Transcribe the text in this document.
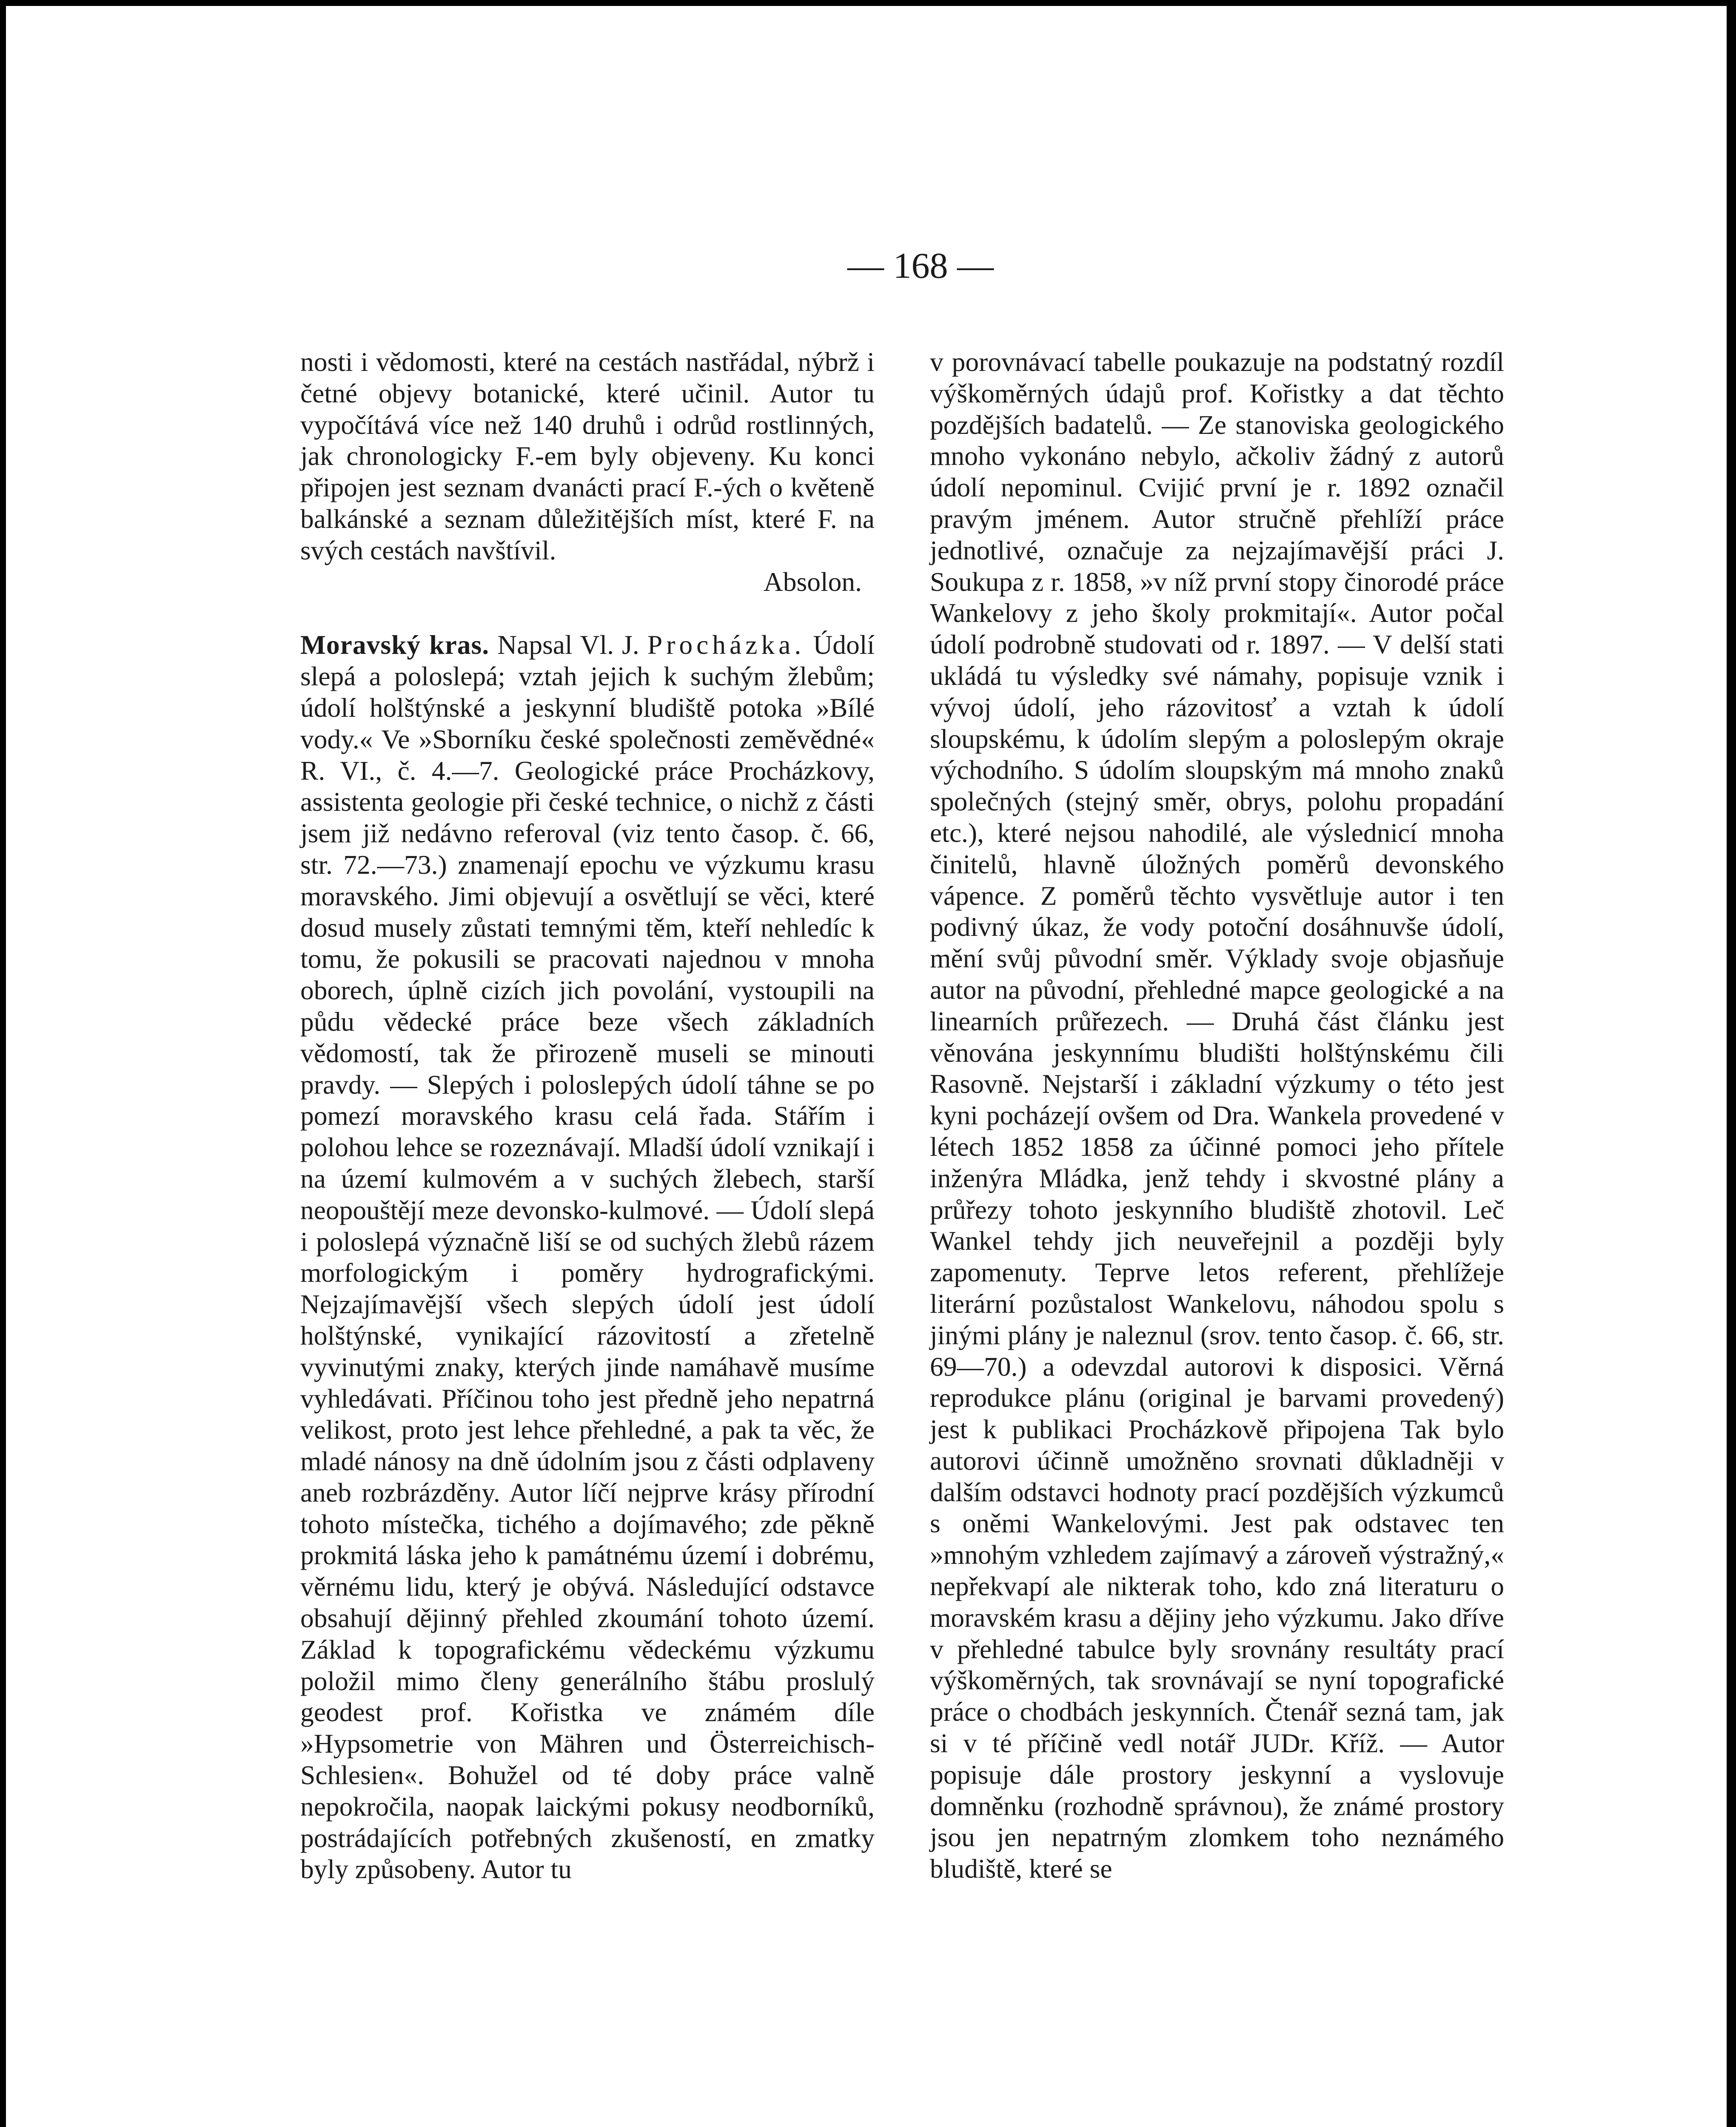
— 168 —

nosti i vědomosti, které na cestách nastřádal, nýbrž i četné objevy botanické, které učinil. Autor tu vypočítává více než 140 druhů i odrůd rostlinných, jak chronologicky F.-em byly objeveny. Ku konci připojen jest seznam dvanácti prací F.-ých o květeně balkánské a seznam důležitějších míst, které F. na svých cestách navštívil.

Absolon.

Moravský kras. Napsal Vl. J. Procházka. Údolí slepá a poloslepá; vztah jejich k suchým žlebům; údolí holštýnské a jeskynní bludiště potoka »Bílé vody.« Ve »Sborníku české společnosti zeměvědné« R. VI., č. 4.—7. Geologické práce Procházkovy, assistenta geologie při české technice, o nichž z části jsem již nedávno referoval (viz tento časop. č. 66, str. 72.—73.) znamenají epochu ve výzkumu krasu moravského. Jimi objevují a osvětlují se věci, které dosud musely zůstati temnými těm, kteří nehledíc k tomu, že pokusili se pracovati najednou v mnoha oborech, úplně cizích jich povolání, vystoupili na půdu vědecké práce beze všech základních vědomostí, tak že přirozeně museli se minouti pravdy. — Slepých i poloslepých údolí táhne se po pomezí moravského krasu celá řada. Stářím i polohou lehce se rozeznávají. Mladší údolí vznikají i na území kulmovém a v suchých žlebech, starší neopouštějí meze devonsko-kulmové. — Údolí slepá i poloslepá význačně liší se od suchých žlebů rázem morfologickým i poměry hydrografickými. Nejzajímavější všech slepých údolí jest údolí holštýnské, vynikající rázovitostí a zřetelně vyvinutými znaky, kterých jinde namáhavě musíme vyhledávati. Příčinou toho jest předně jeho nepatrná velikost, proto jest lehce přehledné, a pak ta věc, že mladé nánosy na dně údolním jsou z části odplaveny aneb rozbrázděny. Autor líčí nejprve krásy přírodní tohoto místečka, tichého a dojímavého; zde pěkně prokmitá láska jeho k památnému území i dobrému, věrnému lidu, který je obývá. Následující odstavce obsahují dějinný přehled zkoumání tohoto území. Základ k topografickému vědeckému výzkumu položil mimo členy generálního štábu proslulý geodest prof. Kořistka ve známém díle »Hypsometrie von Mähren und Österreichisch- Schlesien«. Bohužel od té doby práce valně nepokročila, naopak laickými pokusy neodborníků, postrádajících potřebných zkušeností, en zmatky byly způsobeny. Autor tu

v porovnávací tabelle poukazuje na podstatný rozdíl výškoměrných údajů prof. Kořistky a dat těchto pozdějších badatelů. — Ze stanoviska geologického mnoho vykonáno nebylo, ačkoliv žádný z autorů údolí nepominul. Cvijić první je r. 1892 označil pravým jménem. Autor stručně přehlíží práce jednotlivé, označuje za nejzajímavější práci J. Soukupa z r. 1858, »v níž první stopy činorodé práce Wankelovy z jeho školy prokmitají«. Autor počal údolí podrobně studovati od r. 1897. — V delší stati ukládá tu výsledky své námahy, popisuje vznik i vývoj údolí, jeho rázovitosť a vztah k údolí sloupskému, k údolím slepým a poloslepým okraje východního. S údolím sloupským má mnoho znaků společných (stejný směr, obrys, polohu propadání etc.), které nejsou nahodilé, ale výslednicí mnoha činitelů, hlavně úložných poměrů devonského vápence. Z poměrů těchto vysvětluje autor i ten podivný úkaz, že vody potoční dosáhnuvše údolí, mění svůj původní směr. Výklady svoje objasňuje autor na původní, přehledné mapce geologické a na linearních průřezech. — Druhá část článku jest věnována jeskynnímu bludišti holštýnskému čili Rasovně. Nejstarší i základní výzkumy o této jest kyni pocházejí ovšem od Dra. Wankela provedené v létech 1852 1858 za účinné pomoci jeho přítele inženýra Mládka, jenž tehdy i skvostné plány a průřezy tohoto jeskynního bludiště zhotovil. Leč Wankel tehdy jich neuveřejnil a později byly zapomenuty. Teprve letos referent, přehlížeje literární pozůstalost Wankelovu, náhodou spolu s jinými plány je naleznul (srov. tento časop. č. 66, str. 69—70.) a odevzdal autorovi k disposici. Věrná reprodukce plánu (original je barvami provedený) jest k publikaci Procházkově připojena Tak bylo autorovi účinně umožněno srovnati důkladněji v dalším odstavci hodnoty prací pozdějších výzkumců s oněmi Wankelovými. Jest pak odstavec ten »mnohým vzhledem zajímavý a zároveň výstražný,« nepřekvapí ale nikterak toho, kdo zná literaturu o moravském krasu a dějiny jeho výzkumu. Jako dříve v přehledné tabulce byly srovnány resultáty prací výškoměrných, tak srovnávají se nyní topografické práce o chodbách jeskynních. Čtenář sezná tam, jak si v té příčině vedl notář JUDr. Kříž. — Autor popisuje dále prostory jeskynní a vyslovuje domněnku (rozhodně správnou), že známé prostory jsou jen nepatrným zlomkem toho neznámého bludiště, které se
